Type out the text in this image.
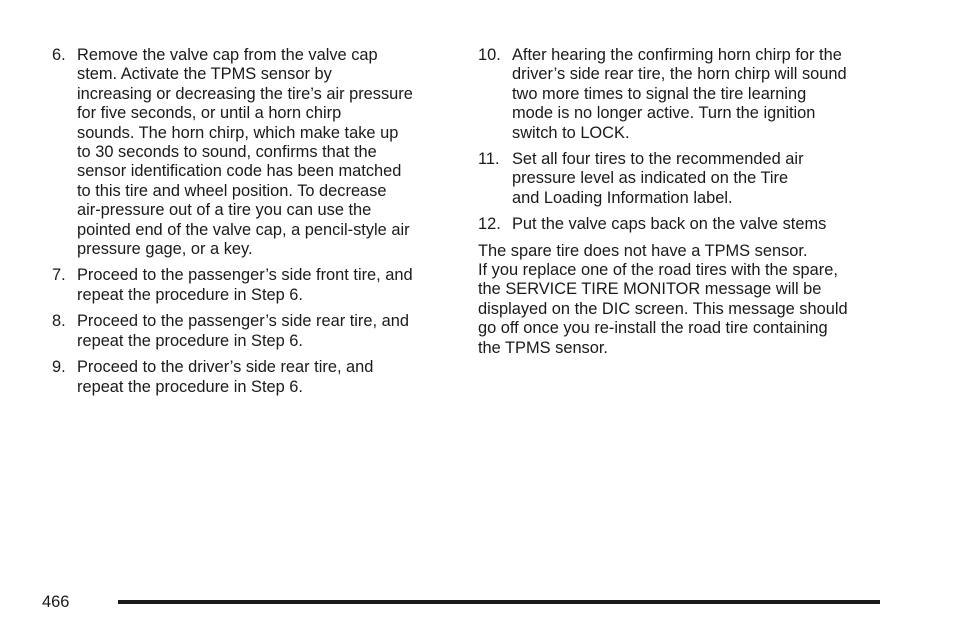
6. Remove the valve cap from the valve cap
stem. Activate the TPMS sensor by
increasing or decreasing the tire’s air pressure
for five seconds, or until a horn chirp
sounds. The horn chirp, which make take up
to 30 seconds to sound, confirms that the
sensor identification code has been matched
to this tire and wheel position. To decrease
air-pressure out of a tire you can use the
pointed end of the valve cap, a pencil-style air
pressure gage, or a key.
7. Proceed to the passenger’s side front tire, and
repeat the procedure in Step 6.
8. Proceed to the passenger’s side rear tire, and
repeat the procedure in Step 6.
9. Proceed to the driver’s side rear tire, and
repeat the procedure in Step 6.
10. After hearing the confirming horn chirp for the
driver’s side rear tire, the horn chirp will sound
two more times to signal the tire learning
mode is no longer active. Turn the ignition
switch to LOCK.
11. Set all four tires to the recommended air
pressure level as indicated on the Tire
and Loading Information label.
12. Put the valve caps back on the valve stems

The spare tire does not have a TPMS sensor.
If you replace one of the road tires with the spare,
the SERVICE TIRE MONITOR message will be
displayed on the DIC screen. This message should
go off once you re-install the road tire containing
the TPMS sensor.

466
